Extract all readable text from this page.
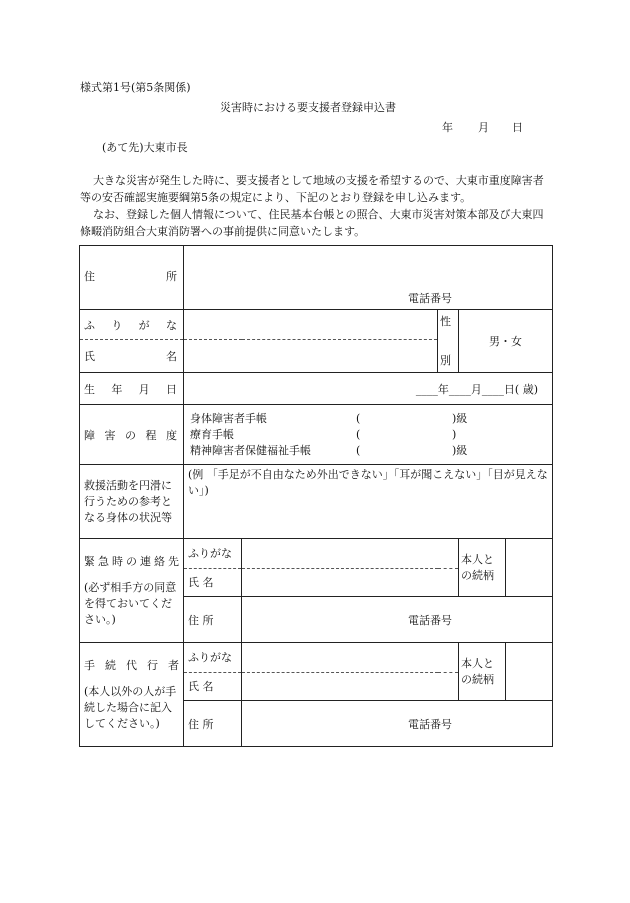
様式第1号(第5条関係)
災害時における要支援者登録申込書
年 月 日
(あて先)大東市長
大きな災害が発生した時に、要支援者として地域の支援を希望するので、大東市重度障害者等の安否確認実施要綱第5条の規定により、下記のとおり登録を申し込みます。
なお、登録した個人情報について、住民基本台帳との照合、大東市災害対策本部及び大東四條畷消防組合大東消防署への事前提供に同意いたします。
住所	電話番号			
ふりがな			性	男・女
氏名			別	
生年月日	____年____月____日( 歳)			
障害の程度	身体障害者手帳 ( )級
療育手帳 ( )
精神障害者保健福祉手帳 ( )級			

救援活動を円滑に行うための参考となる身体の状況等	(例 「手足が不自由なため外出できない」「耳が聞こえない」「目が見えない」)			

緊急時の連絡先
(必ず相手方の同意を得ておいてください。)	ふりがな			本人との続柄

	氏 名			
	住 所	電話番号		

手続代行者
(本人以外の人が手続した場合に記入してください。)	ふりがな			本人との続柄

	氏 名			
	住 所	電話番号		
